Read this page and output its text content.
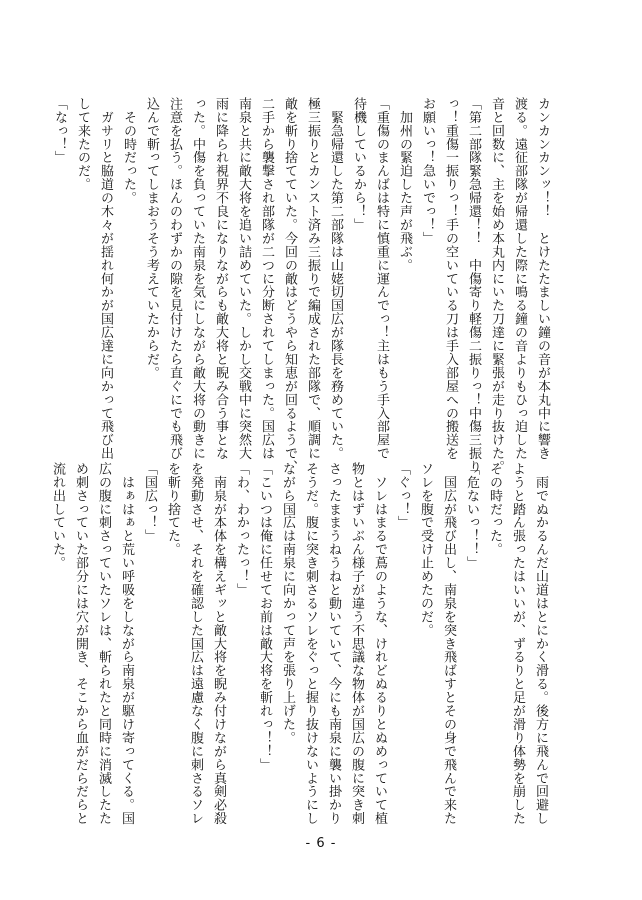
カンカンカンッ！！　とけたたましい鐘の音が本丸中に響き
渡る。遠征部隊が帰還した際に鳴る鐘の音よりもひっ迫した
音と回数に、主を始め本丸内にいた刀達に緊張が走り抜けた。
「第二部隊緊急帰還！！　中傷寄り軽傷二振りっ！中傷三振り
っ！重傷一振りっ！手の空いている刀は手入部屋への搬送を
お願いっ！急いでっ！」
　加州の緊迫した声が飛ぶ。
「重傷のまんばは特に慎重に運んでっ！主はもう手入部屋で
待機しているから！」
　緊急帰還した第二部隊は山姥切国広が隊長を務めていた。
極三振りとカンスト済み三振りで編成された部隊で、順調に
敵を斬り捨てていた。今回の敵はどうやら知恵が回るようで、
二手から襲撃され部隊が二つに分断されてしまった。国広は
南泉と共に敵大将を追い詰めていた。しかし交戦中に突然大
雨に降られ視界不良になりながらも敵大将と睨み合う事とな
った。中傷を負っていた南泉を気にしながら敵大将の動きに
注意を払う。ほんのわずかの隙を見付けたら直ぐにでも飛び
込んで斬ってしまおうそう考えていたからだ。
　その時だった。
　ガサリと脇道の木々が揺れ何かが国広達に向かって飛び出
して来たのだ。
「なっ！」
　雨でぬかるんだ山道はとにかく滑る。後方に飛んで回避し
ようと踏ん張ったはいいが、ずるりと足が滑り体勢を崩した
その時だった。
「危ないっ！！」
　国広が飛び出し、南泉を突き飛ばすとその身で飛んで来た
ソレを腹で受け止めたのだ。
「ぐっ！」
　ソレはまるで蔦のような、けれどぬるりとぬめっていて植
物とはずいぶん様子が違う不思議な物体が国広の腹に突き刺
さったままうねうねと動いていて、今にも南泉に襲い掛かり
そうだ。腹に突き刺さるソレをぐっと握り抜けないようにし
ながら国広は南泉に向かって声を張り上げた。
「こいつは俺に任せてお前は敵大将を斬れっ！！」
「わ、わかったっ！」
　南泉が本体を構えギッと敵大将を睨み付けながら真剣必殺
を発動させ、それを確認した国広は遠慮なく腹に刺さるソレ
を斬り捨てた。
「国広っ！」
　はぁはぁと荒い呼吸をしながら南泉が駆け寄ってくる。国
広の腹に刺さっていたソレは、斬られたと同時に消滅したた
め刺さっていた部分には穴が開き、そこから血がだらだらと
流れ出していた。
- 6 -
